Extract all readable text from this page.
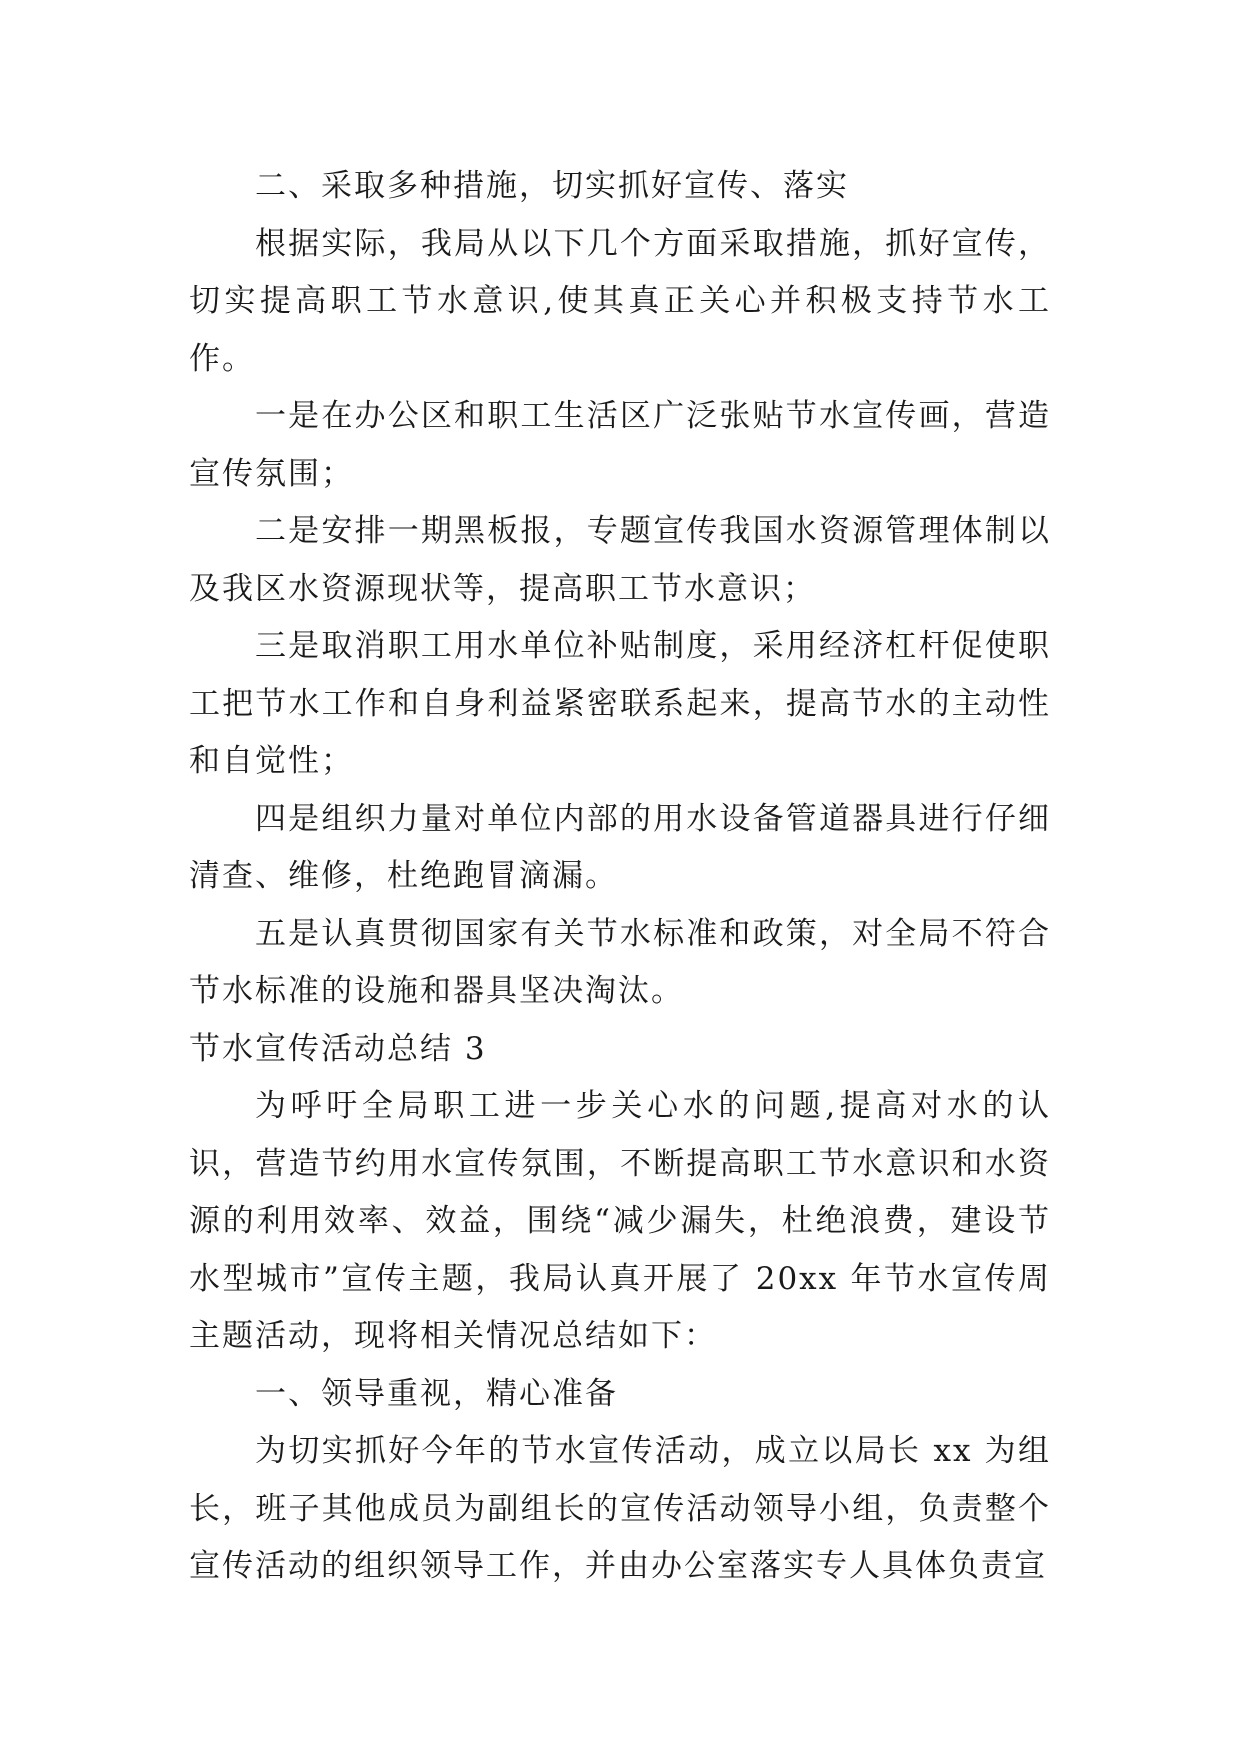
二、采取多种措施，切实抓好宣传、落实

根据实际，我局从以下几个方面采取措施，抓好宣传，切实提高职工节水意识,使其真正关心并积极支持节水工作。

一是在办公区和职工生活区广泛张贴节水宣传画，营造宣传氛围；

二是安排一期黑板报，专题宣传我国水资源管理体制以及我区水资源现状等，提高职工节水意识；

三是取消职工用水单位补贴制度，采用经济杠杆促使职工把节水工作和自身利益紧密联系起来，提高节水的主动性和自觉性；

四是组织力量对单位内部的用水设备管道器具进行仔细清查、维修，杜绝跑冒滴漏。

五是认真贯彻国家有关节水标准和政策，对全局不符合节水标准的设施和器具坚决淘汰。

节水宣传活动总结 3

为呼吁全局职工进一步关心水的问题,提高对水的认识，营造节约用水宣传氛围，不断提高职工节水意识和水资源的利用效率、效益，围绕“减少漏失，杜绝浪费，建设节水型城市”宣传主题，我局认真开展了 20xx 年节水宣传周主题活动，现将相关情况总结如下：

一、领导重视，精心准备

为切实抓好今年的节水宣传活动，成立以局长 xx 为组长，班子其他成员为副组长的宣传活动领导小组，负责整个宣传活动的组织领导工作，并由办公室落实专人具体负责宣
